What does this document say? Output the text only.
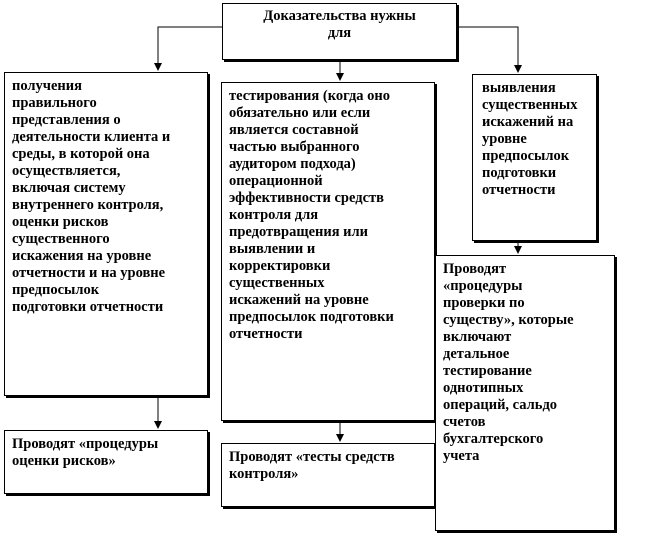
Доказательства нужны
для
получения
правильного
представления о
деятельности клиента и
среды, в которой она
осуществляется,
включая систему
внутреннего контроля,
оценки рисков
существенного
искажения на уровне
отчетности и на уровне
предпосылок
подготовки отчетности
тестирования (когда оно
обязательно или если
является составной
частью выбранного
аудитором подхода)
операционной
эффективности средств
контроля для
предотвращения или
выявлении и
корректировки
существенных
искажений на уровне
предпосылок подготовки
отчетности
выявления
существенных
искажений на
уровне
предпосылок
подготовки
отчетности
Проводят «процедуры
оценки рисков»	Проводят «тесты средств
контроля»
Проводят
«процедуры
проверки по
существу», которые
включают
детальное
тестирование
однотипных
операций, сальдо
счетов
бухгалтерского
учета
